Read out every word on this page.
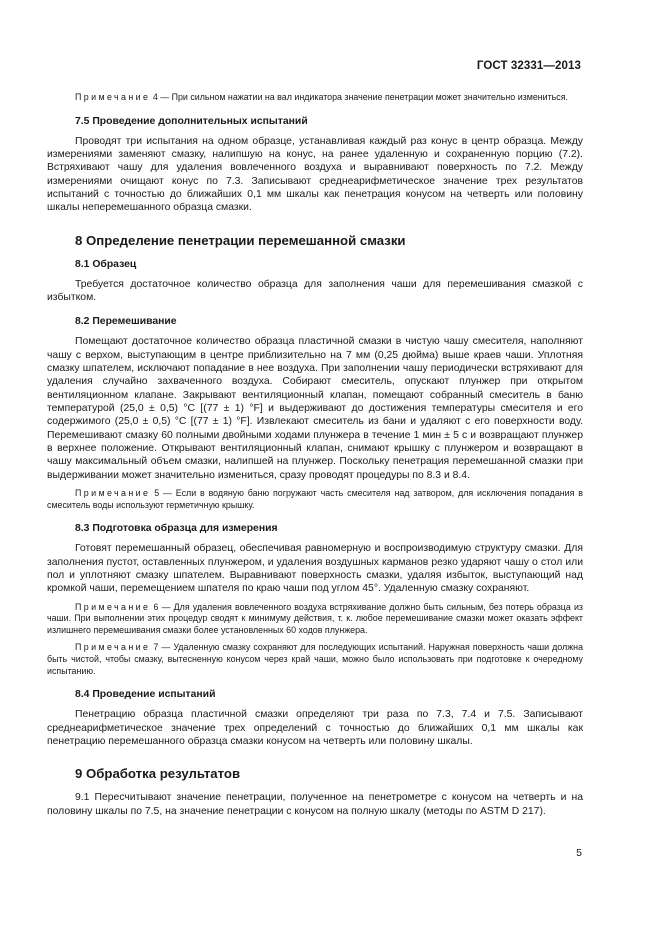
ГОСТ 32331—2013

Примечание 4 — При сильном нажатии на вал индикатора значение пенетрации может значительно измениться.

7.5 Проведение дополнительных испытаний

Проводят три испытания на одном образце, устанавливая каждый раз конус в центр образца. Между измерениями заменяют смазку, налипшую на конус, на ранее удаленную и сохраненную порцию (7.2). Встряхивают чашу для удаления вовлеченного воздуха и выравнивают поверхность по 7.2. Между измерениями очищают конус по 7.3. Записывают среднеарифметическое значение трех результатов испытаний с точностью до ближайших 0,1 мм шкалы как пенетрация конусом на четверть или половину шкалы неперемешанного образца смазки.

8 Определение пенетрации перемешанной смазки
8.1 Образец

Требуется достаточное количество образца для заполнения чаши для перемешивания смазкой с избытком.

8.2 Перемешивание

Помещают достаточное количество образца пластичной смазки в чистую чашу смесителя, наполняют чашу с верхом, выступающим в центре приблизительно на 7 мм (0,25 дюйма) выше краев чаши. Уплотняя смазку шпателем, исключают попадание в нее воздуха. При заполнении чашу периодически встряхивают для удаления случайно захваченного воздуха. Собирают смеситель, опускают плунжер при открытом вентиляционном клапане. Закрывают вентиляционный клапан, помещают собранный смеситель в баню температурой (25,0 ± 0,5) °С [(77 ± 1) °F] и выдерживают до достижения температуры смесителя и его содержимого (25,0 ± 0,5) °С [(77 ± 1) °F]. Извлекают смеситель из бани и удаляют с его поверхности воду. Перемешивают смазку 60 полными двойными ходами плунжера в течение 1 мин ± 5 с и возвращают плунжер в верхнее положение. Открывают вентиляционный клапан, снимают крышку с плунжером и возвращают в чашу максимальный объем смазки, налипшей на плунжер. Поскольку пенетрация перемешанной смазки при выдерживании может значительно измениться, сразу проводят процедуры по 8.3 и 8.4.

Примечание 5 — Если в водяную баню погружают часть смесителя над затвором, для исключения попадания в смеситель воды используют герметичную крышку.

8.3 Подготовка образца для измерения

Готовят перемешанный образец, обеспечивая равномерную и воспроизводимую структуру смазки. Для заполнения пустот, оставленных плунжером, и удаления воздушных карманов резко ударяют чашу о стол или пол и уплотняют смазку шпателем. Выравнивают поверхность смазки, удаляя избыток, выступающий над кромкой чаши, перемещением шпателя по краю чаши под углом 45°. Удаленную смазку сохраняют.

Примечание 6 — Для удаления вовлеченного воздуха встряхивание должно быть сильным, без потерь образца из чаши. При выполнении этих процедур сводят к минимуму действия, т. к. любое перемешивание смазки может оказать эффект излишнего перемешивания смазки более установленных 60 ходов плунжера.

Примечание 7 — Удаленную смазку сохраняют для последующих испытаний. Наружная поверхность чаши должна быть чистой, чтобы смазку, вытесненную конусом через край чаши, можно было использовать при подготовке к очередному испытанию.

8.4 Проведение испытаний

Пенетрацию образца пластичной смазки определяют три раза по 7.3, 7.4 и 7.5. Записывают среднеарифметическое значение трех определений с точностью до ближайших 0,1 мм шкалы как пенетрацию перемешанного образца смазки конусом на четверть или половину шкалы.

9 Обработка результатов

9.1 Пересчитывают значение пенетрации, полученное на пенетрометре с конусом на четверть и на половину шкалы по 7.5, на значение пенетрации с конусом на полную шкалу (методы по ASTM D 217).

5
